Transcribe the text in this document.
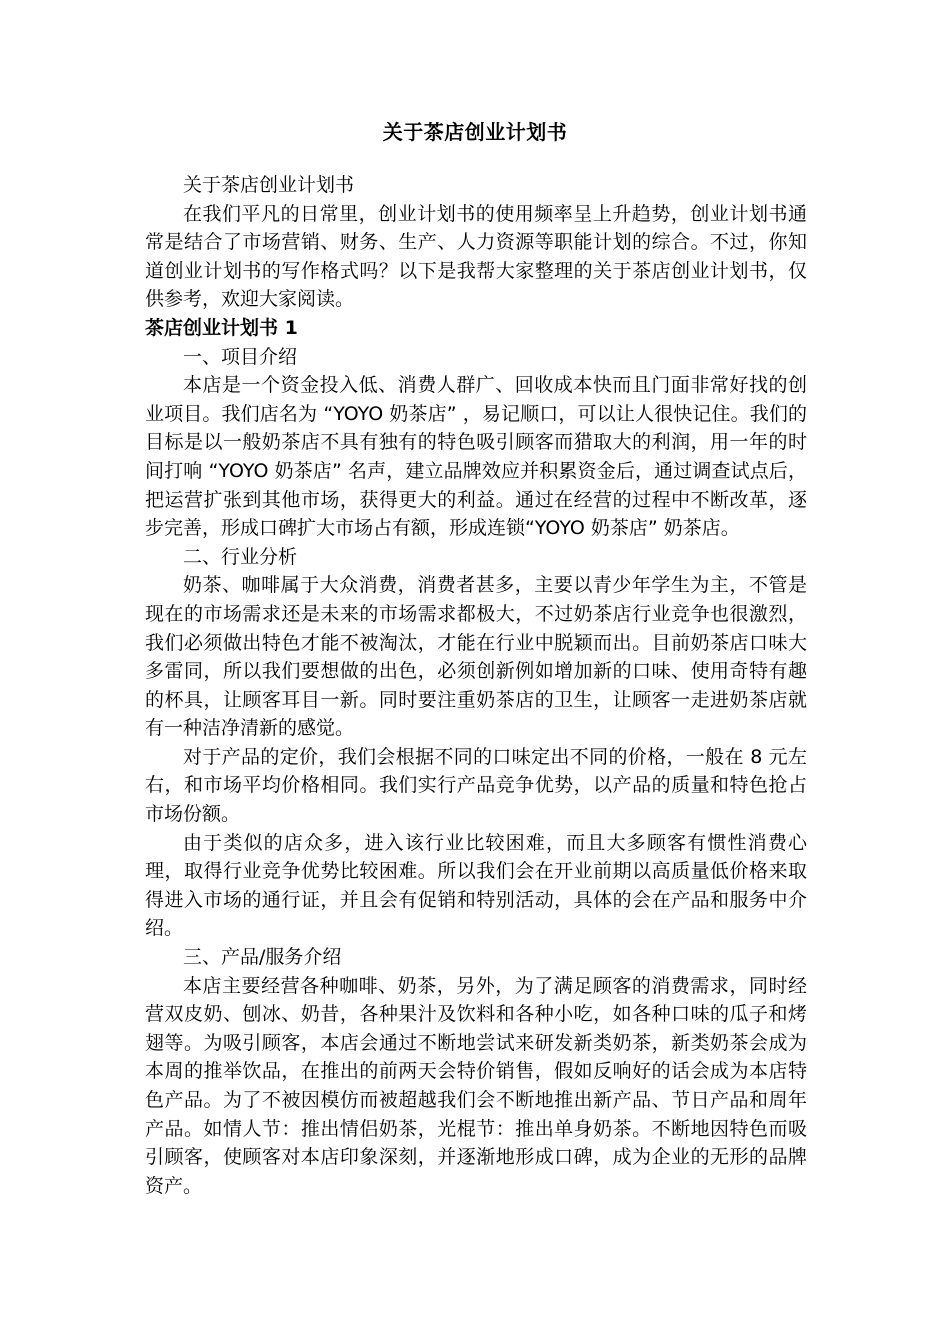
关于茶店创业计划书

关于茶店创业计划书

在我们平凡的日常里，创业计划书的使用频率呈上升趋势，创业计划书通常是结合了市场营销、财务、生产、人力资源等职能计划的综合。不过，你知道创业计划书的写作格式吗？以下是我帮大家整理的关于茶店创业计划书，仅供参考，欢迎大家阅读。

茶店创业计划书 1

一、项目介绍

本店是一个资金投入低、消费人群广、回收成本快而且门面非常好找的创业项目。我们店名为 “YOYO 奶茶店” ，易记顺口，可以让人很快记住。我们的目标是以一般奶茶店不具有独有的特色吸引顾客而猎取大的利润，用一年的时间打响 “YOYO 奶茶店” 名声，建立品牌效应并积累资金后，通过调查试点后，把运营扩张到其他市场，获得更大的利益。通过在经营的过程中不断改革，逐步完善，形成口碑扩大市场占有额，形成连锁“YOYO 奶茶店” 奶茶店。

二、行业分析

奶茶、咖啡属于大众消费，消费者甚多，主要以青少年学生为主，不管是现在的市场需求还是未来的市场需求都极大，不过奶茶店行业竞争也很激烈，我们必须做出特色才能不被淘汰，才能在行业中脱颖而出。目前奶茶店口味大多雷同，所以我们要想做的出色，必须创新例如增加新的口味、使用奇特有趣的杯具，让顾客耳目一新。同时要注重奶茶店的卫生，让顾客一走进奶茶店就有一种洁净清新的感觉。

对于产品的定价，我们会根据不同的口味定出不同的价格，一般在 8 元左右，和市场平均价格相同。我们实行产品竞争优势，以产品的质量和特色抢占市场份额。

由于类似的店众多，进入该行业比较困难，而且大多顾客有惯性消费心理，取得行业竞争优势比较困难。所以我们会在开业前期以高质量低价格来取得进入市场的通行证，并且会有促销和特别活动，具体的会在产品和服务中介绍。

三、产品/服务介绍

本店主要经营各种咖啡、奶茶，另外，为了满足顾客的消费需求，同时经营双皮奶、刨冰、奶昔，各种果汁及饮料和各种小吃，如各种口味的瓜子和烤翅等。为吸引顾客，本店会通过不断地尝试来研发新类奶茶，新类奶茶会成为本周的推举饮品，在推出的前两天会特价销售，假如反响好的话会成为本店特色产品。为了不被因模仿而被超越我们会不断地推出新产品、节日产品和周年产品。如情人节：推出情侣奶茶，光棍节：推出单身奶茶。不断地因特色而吸引顾客，使顾客对本店印象深刻，并逐渐地形成口碑，成为企业的无形的品牌资产。
